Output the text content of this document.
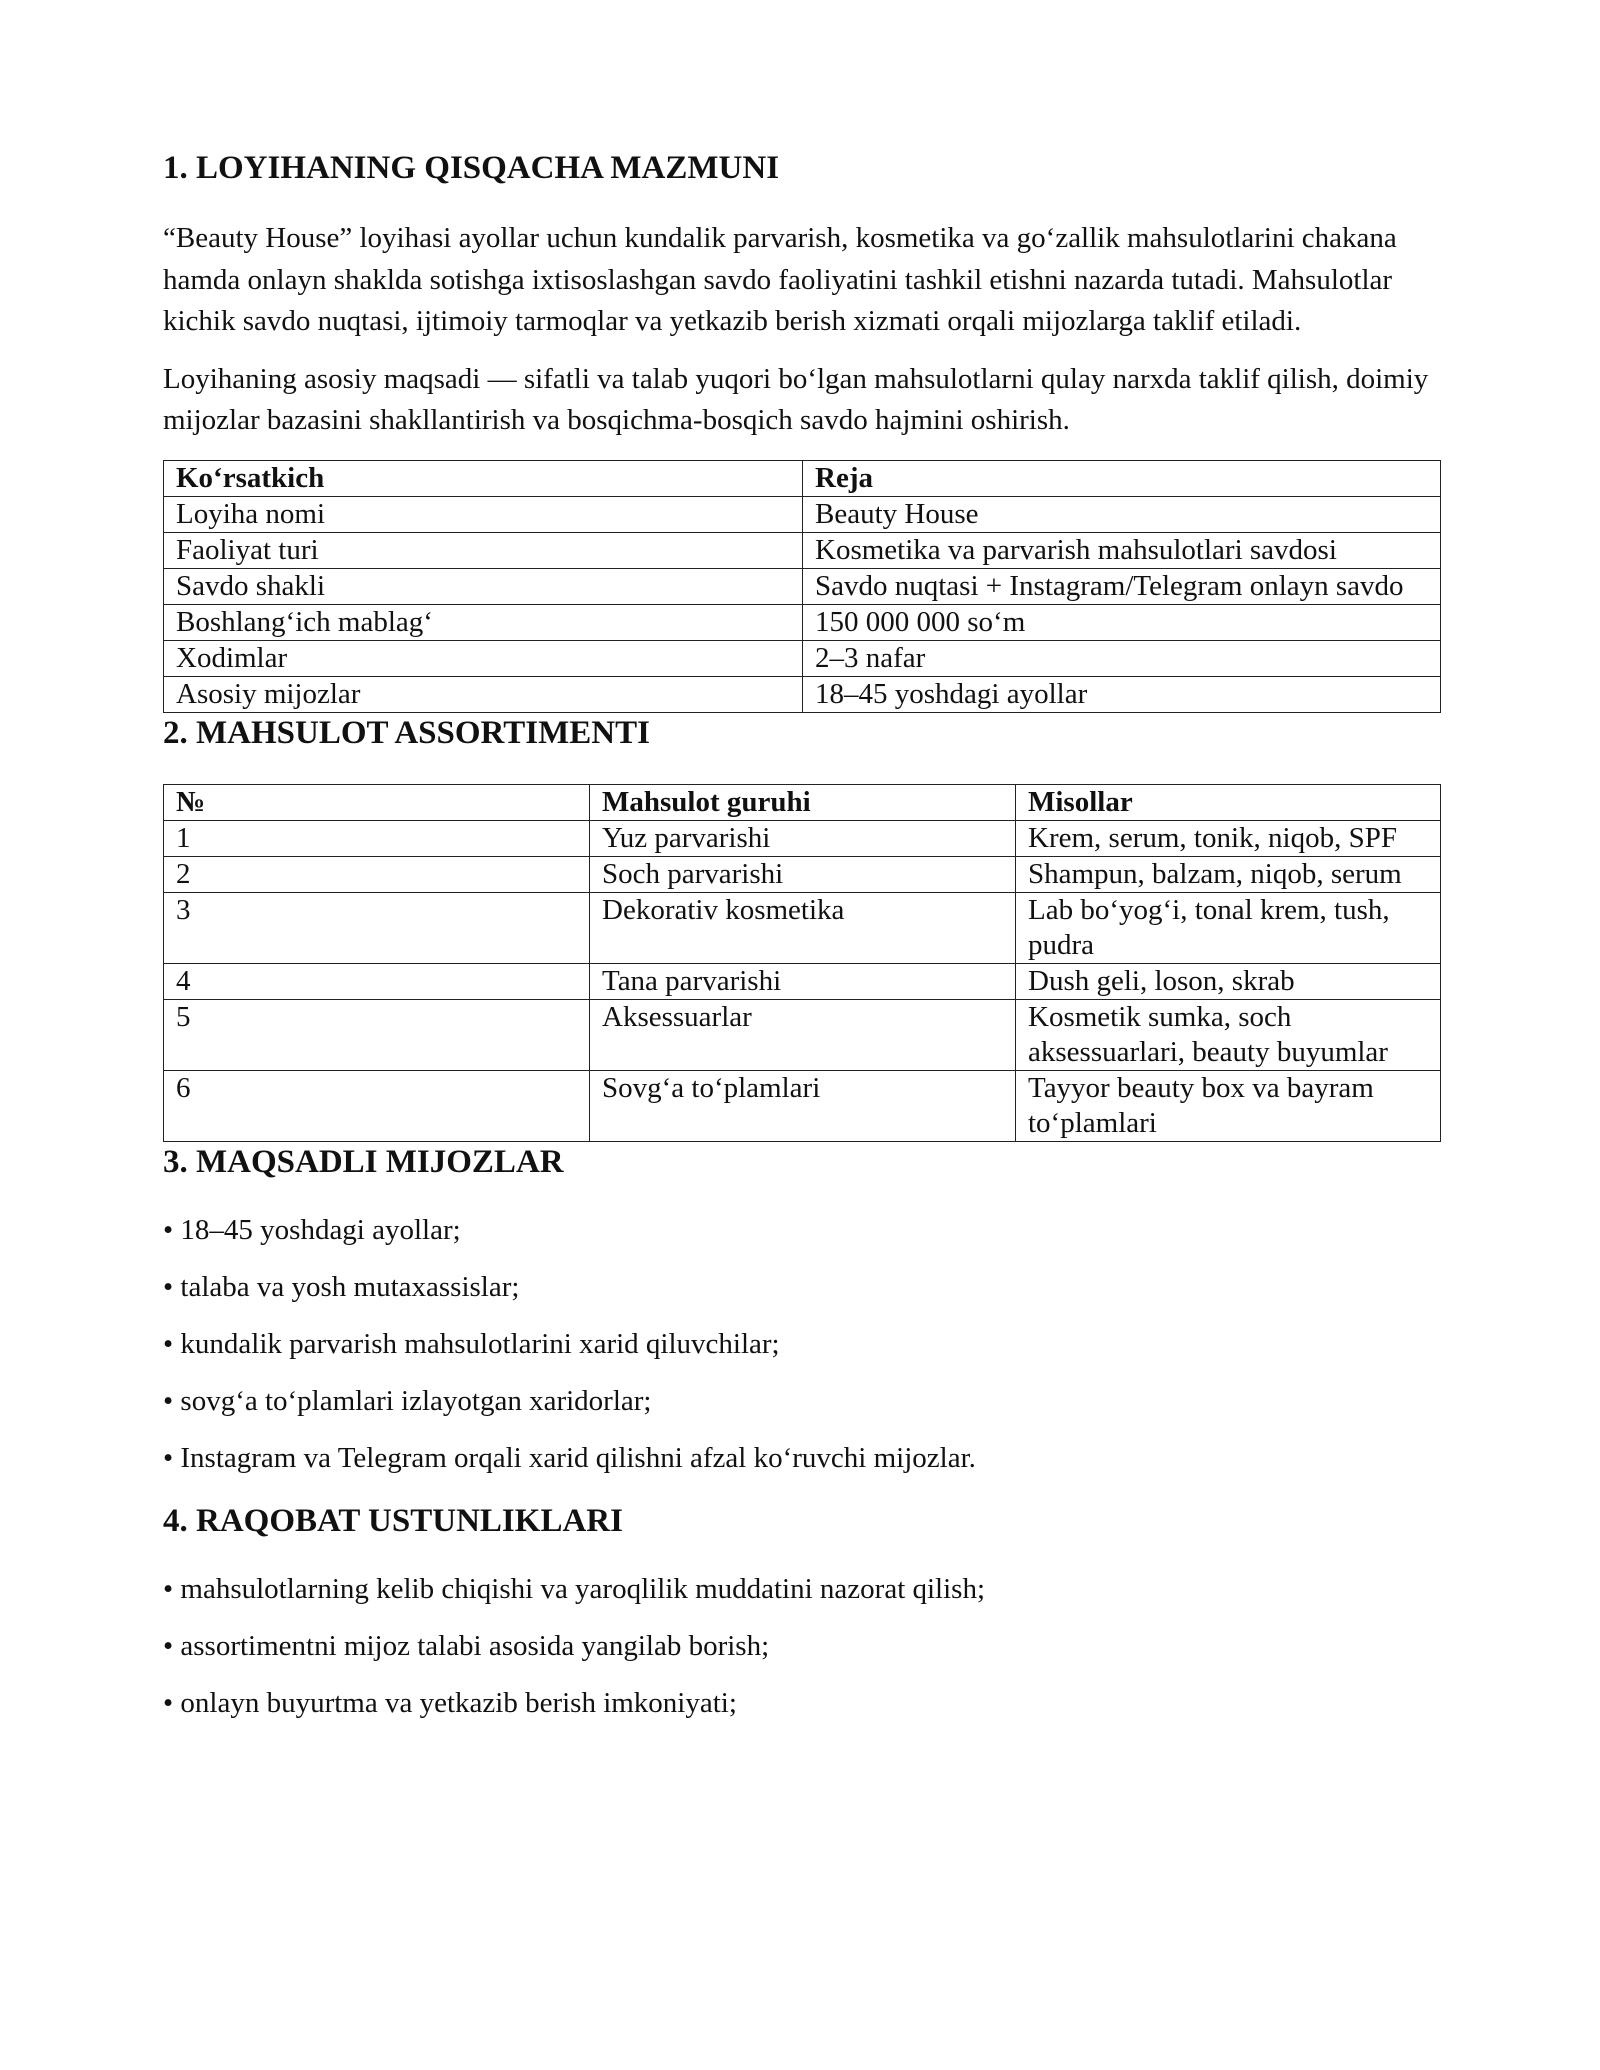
1. LOYIHANING QISQACHA MAZMUNI

“Beauty House” loyihasi ayollar uchun kundalik parvarish, kosmetika va go‘zallik mahsulotlarini chakana hamda onlayn shaklda sotishga ixtisoslashgan savdo faoliyatini tashkil etishni nazarda tutadi. Mahsulotlar kichik savdo nuqtasi, ijtimoiy tarmoqlar va yetkazib berish xizmati orqali mijozlarga taklif etiladi.

Loyihaning asosiy maqsadi — sifatli va talab yuqori bo‘lgan mahsulotlarni qulay narxda taklif qilish, doimiy mijozlar bazasini shakllantirish va bosqichma-bosqich savdo hajmini oshirish.

Ko‘rsatkich	Reja
Loyiha nomi	Beauty House
Faoliyat turi	Kosmetika va parvarish mahsulotlari savdosi
Savdo shakli	Savdo nuqtasi + Instagram/Telegram onlayn savdo
Boshlang‘ich mablag‘	150 000 000 so‘m
Xodimlar	2–3 nafar
Asosiy mijozlar	18–45 yoshdagi ayollar
2. MAHSULOT ASSORTIMENTI
№	Mahsulot guruhi	Misollar
1	Yuz parvarishi	Krem, serum, tonik, niqob, SPF
2	Soch parvarishi	Shampun, balzam, niqob, serum
3	Dekorativ kosmetika	Lab bo‘yog‘i, tonal krem, tush, pudra
4	Tana parvarishi	Dush geli, loson, skrab
5	Aksessuarlar	Kosmetik sumka, soch aksessuarlari, beauty buyumlar
6	Sovg‘a to‘plamlari	Tayyor beauty box va bayram to‘plamlari
3. MAQSADLI MIJOZLAR

• 18–45 yoshdagi ayollar;

• talaba va yosh mutaxassislar;

• kundalik parvarish mahsulotlarini xarid qiluvchilar;

• sovg‘a to‘plamlari izlayotgan xaridorlar;

• Instagram va Telegram orqali xarid qilishni afzal ko‘ruvchi mijozlar.

4. RAQOBAT USTUNLIKLARI

• mahsulotlarning kelib chiqishi va yaroqlilik muddatini nazorat qilish;

• assortimentni mijoz talabi asosida yangilab borish;

• onlayn buyurtma va yetkazib berish imkoniyati;
